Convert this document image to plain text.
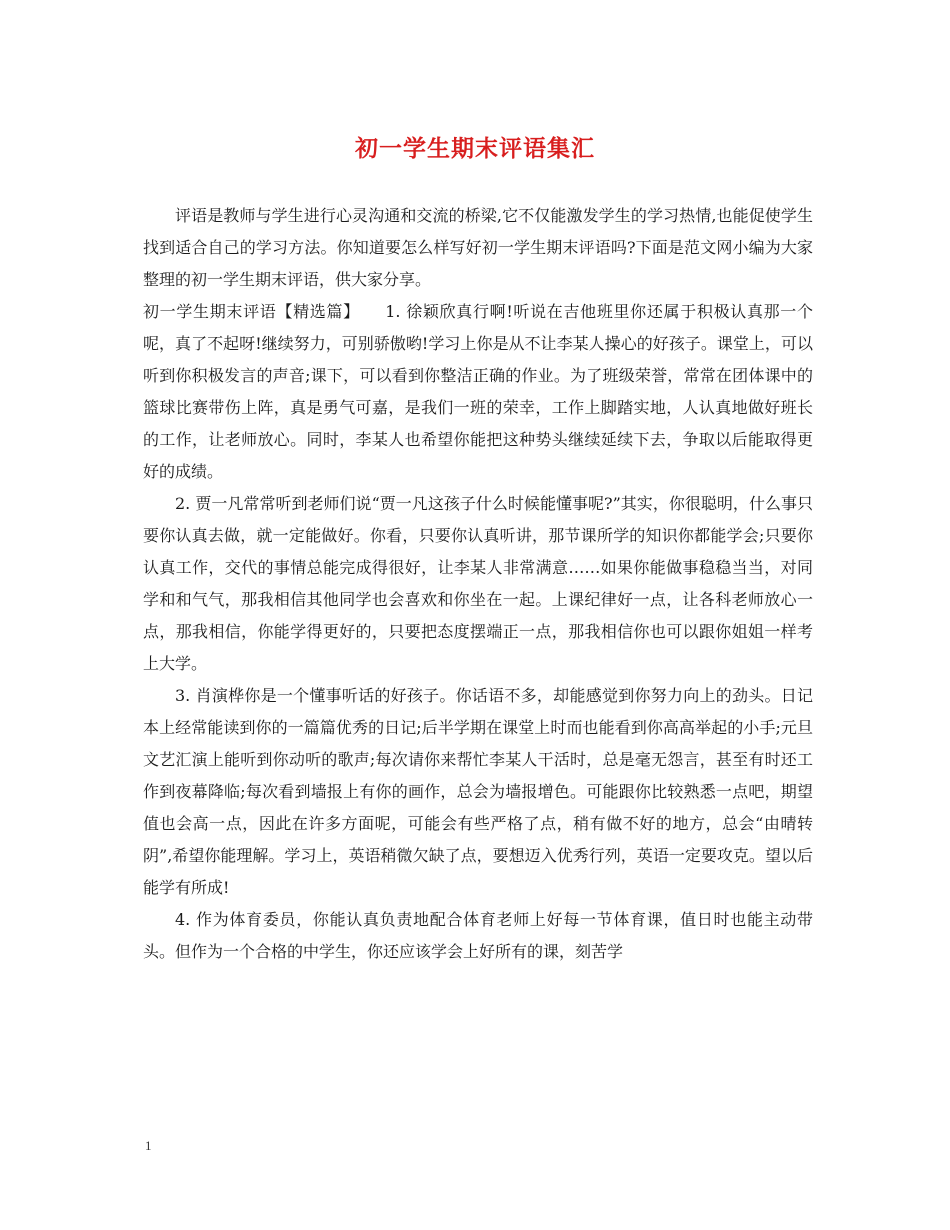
初一学生期末评语集汇

评语是教师与学生进行心灵沟通和交流的桥梁,它不仅能激发学生的学习热情,也能促使学生找到适合自己的学习方法。你知道要怎么样写好初一学生期末评语吗?下面是范文网小编为大家整理的初一学生期末评语，供大家分享。

初一学生期末评语【精选篇】　　1. 徐颖欣真行啊!听说在吉他班里你还属于积极认真那一个呢，真了不起呀!继续努力，可别骄傲哟!学习上你是从不让李某人操心的好孩子。课堂上，可以听到你积极发言的声音;课下，可以看到你整洁正确的作业。为了班级荣誉，常常在团体课中的篮球比赛带伤上阵，真是勇气可嘉，是我们一班的荣幸，工作上脚踏实地，人认真地做好班长的工作，让老师放心。同时，李某人也希望你能把这种势头继续延续下去，争取以后能取得更好的成绩。

2. 贾一凡常常听到老师们说“贾一凡这孩子什么时候能懂事呢?”其实，你很聪明，什么事只要你认真去做，就一定能做好。你看，只要你认真听讲，那节课所学的知识你都能学会;只要你认真工作，交代的事情总能完成得很好，让李某人非常满意……如果你能做事稳稳当当，对同学和和气气，那我相信其他同学也会喜欢和你坐在一起。上课纪律好一点，让各科老师放心一点，那我相信，你能学得更好的，只要把态度摆端正一点，那我相信你也可以跟你姐姐一样考上大学。

3. 肖演桦你是一个懂事听话的好孩子。你话语不多，却能感觉到你努力向上的劲头。日记本上经常能读到你的一篇篇优秀的日记;后半学期在课堂上时而也能看到你高高举起的小手;元旦文艺汇演上能听到你动听的歌声;每次请你来帮忙李某人干活时，总是毫无怨言，甚至有时还工作到夜幕降临;每次看到墙报上有你的画作，总会为墙报增色。可能跟你比较熟悉一点吧，期望值也会高一点，因此在许多方面呢，可能会有些严格了点，稍有做不好的地方，总会“由晴转阴”,希望你能理解。学习上，英语稍微欠缺了点，要想迈入优秀行列，英语一定要攻克。望以后能学有所成!

4. 作为体育委员，你能认真负责地配合体育老师上好每一节体育课，值日时也能主动带头。但作为一个合格的中学生，你还应该学会上好所有的课，刻苦学

1
